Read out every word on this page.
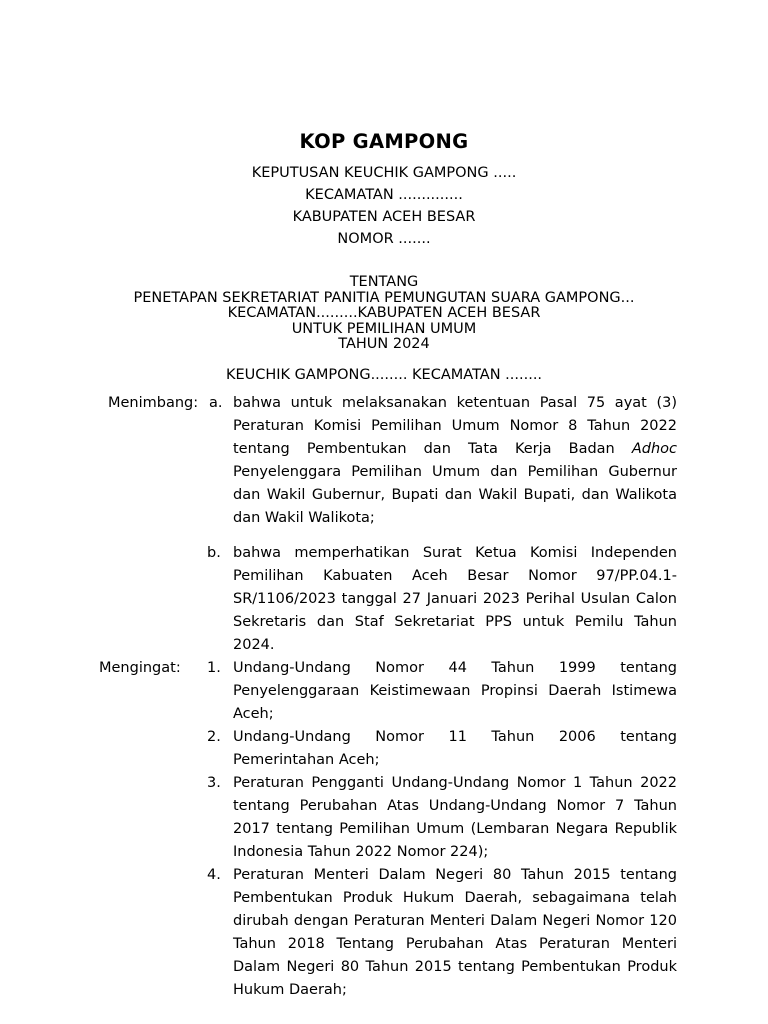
KOP GAMPONG
KEPUTUSAN KEUCHIK GAMPONG .....
KECAMATAN ..............
KABUPATEN ACEH BESAR
NOMOR .......
TENTANG
PENETAPAN SEKRETARIAT PANITIA PEMUNGUTAN SUARA GAMPONG...
KECAMATAN.........KABUPATEN ACEH BESAR
UNTUK PEMILIHAN UMUM
TAHUN 2024
KEUCHIK GAMPONG........ KECAMATAN ........
Menimbang: a. bahwa untuk melaksanakan ketentuan Pasal 75 ayat (3) Peraturan Komisi Pemilihan Umum Nomor 8 Tahun 2022 tentang Pembentukan dan Tata Kerja Badan Adhoc Penyelenggara Pemilihan Umum dan Pemilihan Gubernur dan Wakil Gubernur, Bupati dan Wakil Bupati, dan Walikota dan Wakil Walikota;

b. bahwa memperhatikan Surat Ketua Komisi Independen Pemilihan Kabuaten Aceh Besar Nomor 97/PP.04.1-SR/1106/2023 tanggal 27 Januari 2023 Perihal Usulan Calon Sekretaris dan Staf Sekretariat PPS untuk Pemilu Tahun 2024.

Mengingat: 1. Undang-Undang Nomor 44 Tahun 1999 tentang Penyelenggaraan Keistimewaan Propinsi Daerah Istimewa Aceh;

2. Undang-Undang Nomor 11 Tahun 2006 tentang Pemerintahan Aceh;

3. Peraturan Pengganti Undang-Undang Nomor 1 Tahun 2022 tentang Perubahan Atas Undang-Undang Nomor 7 Tahun 2017 tentang Pemilihan Umum (Lembaran Negara Republik Indonesia Tahun 2022 Nomor 224);

4. Peraturan Menteri Dalam Negeri 80 Tahun 2015 tentang Pembentukan Produk Hukum Daerah, sebagaimana telah dirubah dengan Peraturan Menteri Dalam Negeri Nomor 120 Tahun 2018 Tentang Perubahan Atas Peraturan Menteri Dalam Negeri 80 Tahun 2015 tentang Pembentukan Produk Hukum Daerah;
